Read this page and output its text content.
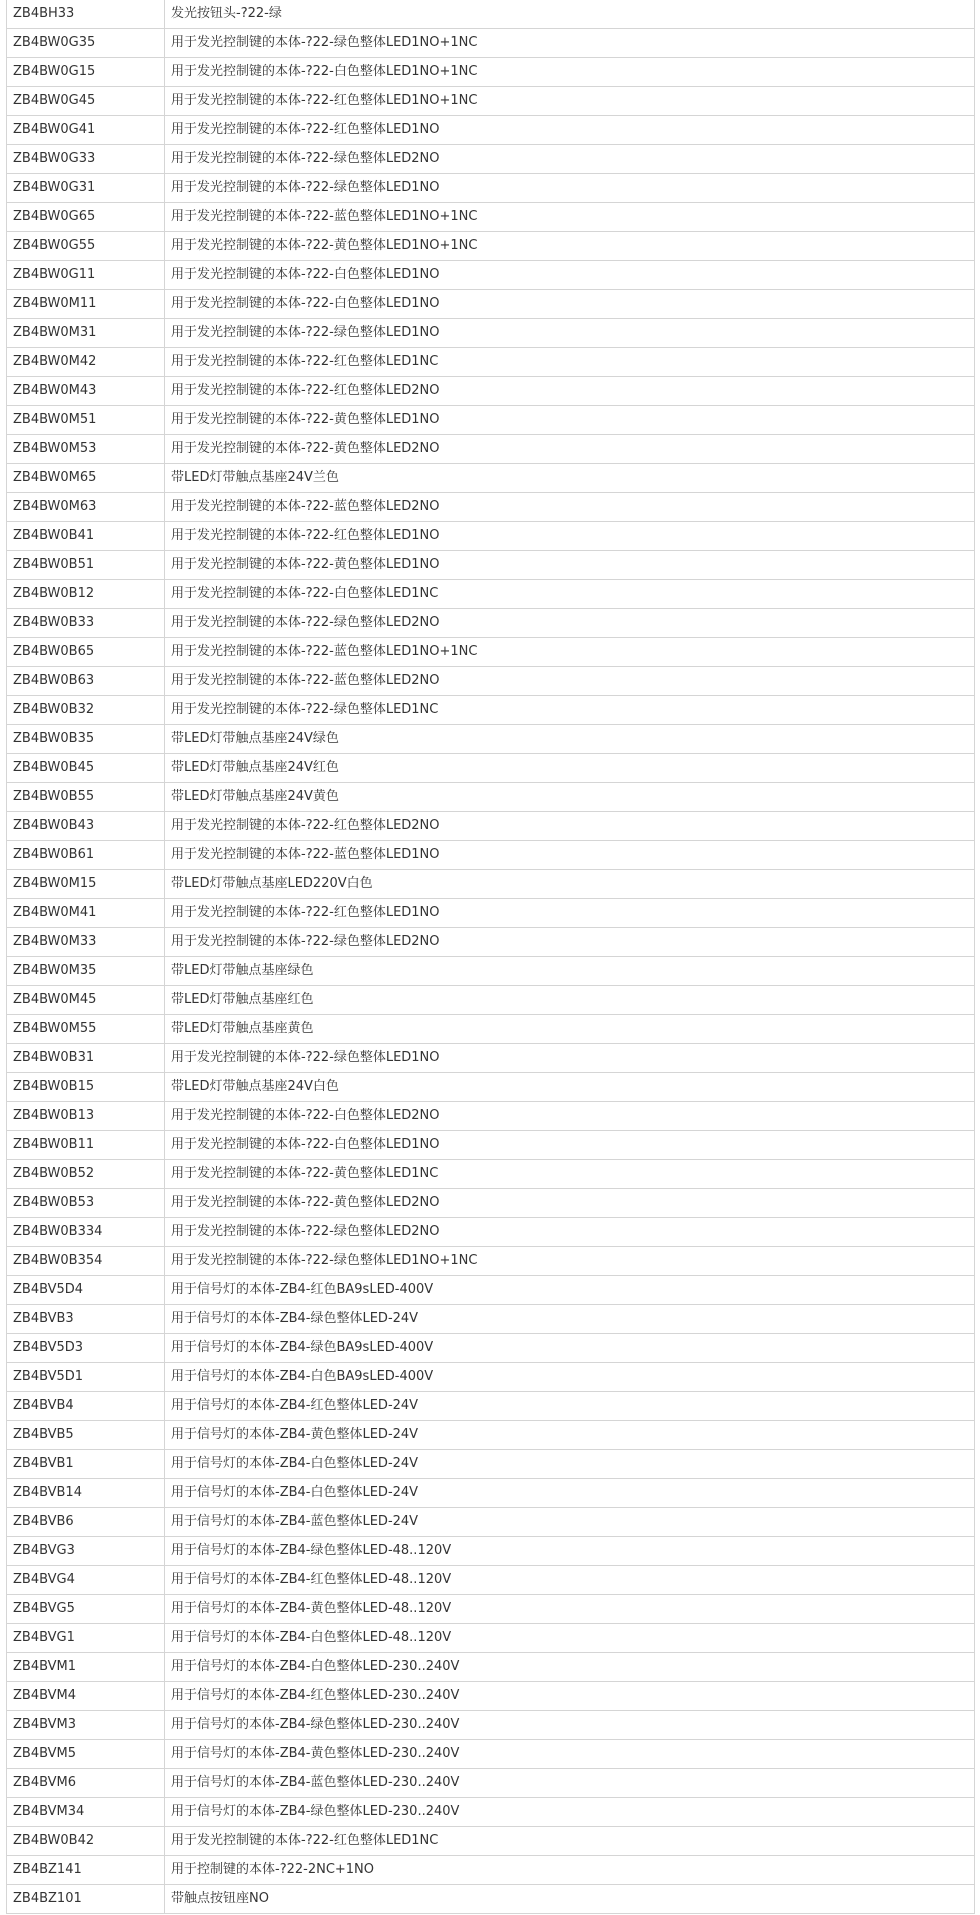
ZB4BH33	发光按钮头-?22-绿
ZB4BW0G35	用于发光控制键的本体-?22-绿色整体LED1NO+1NC
ZB4BW0G15	用于发光控制键的本体-?22-白色整体LED1NO+1NC
ZB4BW0G45	用于发光控制键的本体-?22-红色整体LED1NO+1NC
ZB4BW0G41	用于发光控制键的本体-?22-红色整体LED1NO
ZB4BW0G33	用于发光控制键的本体-?22-绿色整体LED2NO
ZB4BW0G31	用于发光控制键的本体-?22-绿色整体LED1NO
ZB4BW0G65	用于发光控制键的本体-?22-蓝色整体LED1NO+1NC
ZB4BW0G55	用于发光控制键的本体-?22-黄色整体LED1NO+1NC
ZB4BW0G11	用于发光控制键的本体-?22-白色整体LED1NO
ZB4BW0M11	用于发光控制键的本体-?22-白色整体LED1NO
ZB4BW0M31	用于发光控制键的本体-?22-绿色整体LED1NO
ZB4BW0M42	用于发光控制键的本体-?22-红色整体LED1NC
ZB4BW0M43	用于发光控制键的本体-?22-红色整体LED2NO
ZB4BW0M51	用于发光控制键的本体-?22-黄色整体LED1NO
ZB4BW0M53	用于发光控制键的本体-?22-黄色整体LED2NO
ZB4BW0M65	带LED灯带触点基座24V兰色
ZB4BW0M63	用于发光控制键的本体-?22-蓝色整体LED2NO
ZB4BW0B41	用于发光控制键的本体-?22-红色整体LED1NO
ZB4BW0B51	用于发光控制键的本体-?22-黄色整体LED1NO
ZB4BW0B12	用于发光控制键的本体-?22-白色整体LED1NC
ZB4BW0B33	用于发光控制键的本体-?22-绿色整体LED2NO
ZB4BW0B65	用于发光控制键的本体-?22-蓝色整体LED1NO+1NC
ZB4BW0B63	用于发光控制键的本体-?22-蓝色整体LED2NO
ZB4BW0B32	用于发光控制键的本体-?22-绿色整体LED1NC
ZB4BW0B35	带LED灯带触点基座24V绿色
ZB4BW0B45	带LED灯带触点基座24V红色
ZB4BW0B55	带LED灯带触点基座24V黄色
ZB4BW0B43	用于发光控制键的本体-?22-红色整体LED2NO
ZB4BW0B61	用于发光控制键的本体-?22-蓝色整体LED1NO
ZB4BW0M15	带LED灯带触点基座LED220V白色
ZB4BW0M41	用于发光控制键的本体-?22-红色整体LED1NO
ZB4BW0M33	用于发光控制键的本体-?22-绿色整体LED2NO
ZB4BW0M35	带LED灯带触点基座绿色
ZB4BW0M45	带LED灯带触点基座红色
ZB4BW0M55	带LED灯带触点基座黄色
ZB4BW0B31	用于发光控制键的本体-?22-绿色整体LED1NO
ZB4BW0B15	带LED灯带触点基座24V白色
ZB4BW0B13	用于发光控制键的本体-?22-白色整体LED2NO
ZB4BW0B11	用于发光控制键的本体-?22-白色整体LED1NO
ZB4BW0B52	用于发光控制键的本体-?22-黄色整体LED1NC
ZB4BW0B53	用于发光控制键的本体-?22-黄色整体LED2NO
ZB4BW0B334	用于发光控制键的本体-?22-绿色整体LED2NO
ZB4BW0B354	用于发光控制键的本体-?22-绿色整体LED1NO+1NC
ZB4BV5D4	用于信号灯的本体-ZB4-红色BA9sLED-400V
ZB4BVB3	用于信号灯的本体-ZB4-绿色整体LED-24V
ZB4BV5D3	用于信号灯的本体-ZB4-绿色BA9sLED-400V
ZB4BV5D1	用于信号灯的本体-ZB4-白色BA9sLED-400V
ZB4BVB4	用于信号灯的本体-ZB4-红色整体LED-24V
ZB4BVB5	用于信号灯的本体-ZB4-黄色整体LED-24V
ZB4BVB1	用于信号灯的本体-ZB4-白色整体LED-24V
ZB4BVB14	用于信号灯的本体-ZB4-白色整体LED-24V
ZB4BVB6	用于信号灯的本体-ZB4-蓝色整体LED-24V
ZB4BVG3	用于信号灯的本体-ZB4-绿色整体LED-48..120V
ZB4BVG4	用于信号灯的本体-ZB4-红色整体LED-48..120V
ZB4BVG5	用于信号灯的本体-ZB4-黄色整体LED-48..120V
ZB4BVG1	用于信号灯的本体-ZB4-白色整体LED-48..120V
ZB4BVM1	用于信号灯的本体-ZB4-白色整体LED-230..240V
ZB4BVM4	用于信号灯的本体-ZB4-红色整体LED-230..240V
ZB4BVM3	用于信号灯的本体-ZB4-绿色整体LED-230..240V
ZB4BVM5	用于信号灯的本体-ZB4-黄色整体LED-230..240V
ZB4BVM6	用于信号灯的本体-ZB4-蓝色整体LED-230..240V
ZB4BVM34	用于信号灯的本体-ZB4-绿色整体LED-230..240V
ZB4BW0B42	用于发光控制键的本体-?22-红色整体LED1NC
ZB4BZ141	用于控制键的本体-?22-2NC+1NO
ZB4BZ101	带触点按钮座NO
